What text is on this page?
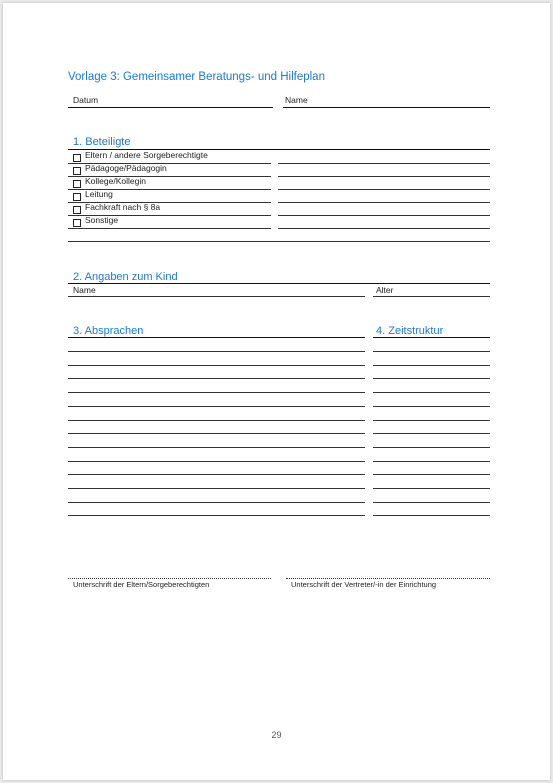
Vorlage 3: Gemeinsamer Beratungs- und Hilfeplan
Datum	Name
1. Beteiligte
Eltern / andere Sorgeberechtigte
Pädagoge/Pädagogin
Kollege/Kollegin
Leitung
Fachkraft nach § 8a
Sonstige
2. Angaben zum Kind
Name	Alter
3. Absprachen	4. Zeitstruktur
Unterschrift der Eltern/Sorgeberechtigten	Unterschrift der Vertreter/-in der Einrichtung
29
